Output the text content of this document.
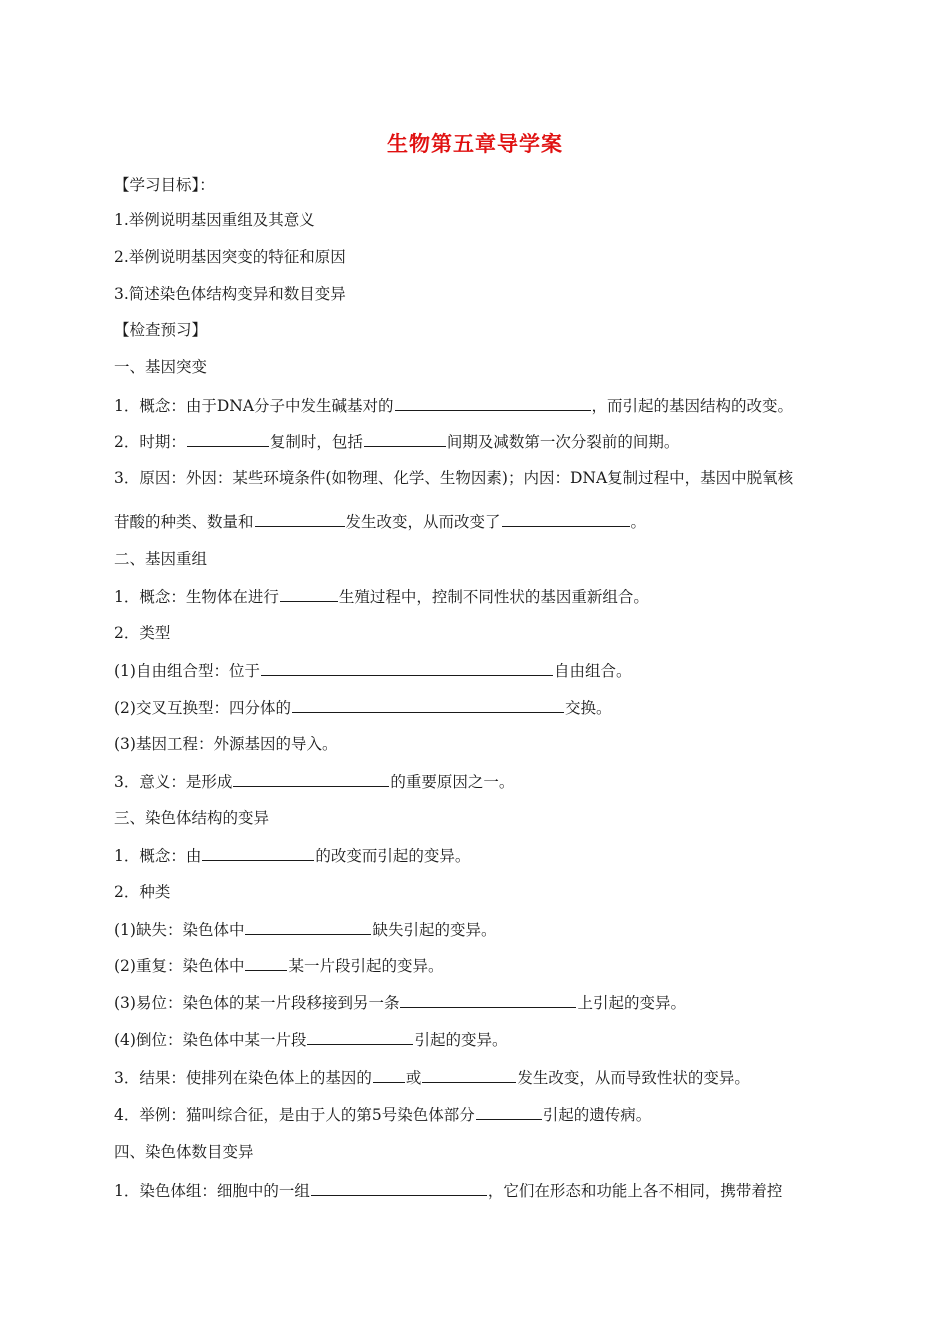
生物第五章导学案
【学习目标】：
1.举例说明基因重组及其意义
2.举例说明基因突变的特征和原因
3.简述染色体结构变异和数目变异
【检查预习】
一、基因突变
1．概念：由于DNA分子中发生碱基对的	，而引起的基因结构的改变。
2．时期：	复制时，包括	间期及减数第一次分裂前的间期。
3．原因：外因：某些环境条件(如物理、化学、生物因素)；内因：DNA复制过程中，基因中脱氧核
苷酸的种类、数量和	发生改变，从而改变了	。
二、基因重组
1．概念：生物体在进行	生殖过程中，控制不同性状的基因重新组合。
2．类型
(1)自由组合型：位于	自由组合。
(2)交叉互换型：四分体的	交换。
(3)基因工程：外源基因的导入。
3．意义：是形成	的重要原因之一。
三、染色体结构的变异
1．概念：由	的改变而引起的变异。
2．种类
(1)缺失：染色体中	缺失引起的变异。
(2)重复：染色体中	某一片段引起的变异。
(3)易位：染色体的某一片段移接到另一条	上引起的变异。
(4)倒位：染色体中某一片段	引起的变异。
3．结果：使排列在染色体上的基因的 或	发生改变，从而导致性状的变异。
4．举例：猫叫综合征，是由于人的第5号染色体部分	引起的遗传病。
四、染色体数目变异
1．染色体组：细胞中的一组	，它们在形态和功能上各不相同，携带着控
